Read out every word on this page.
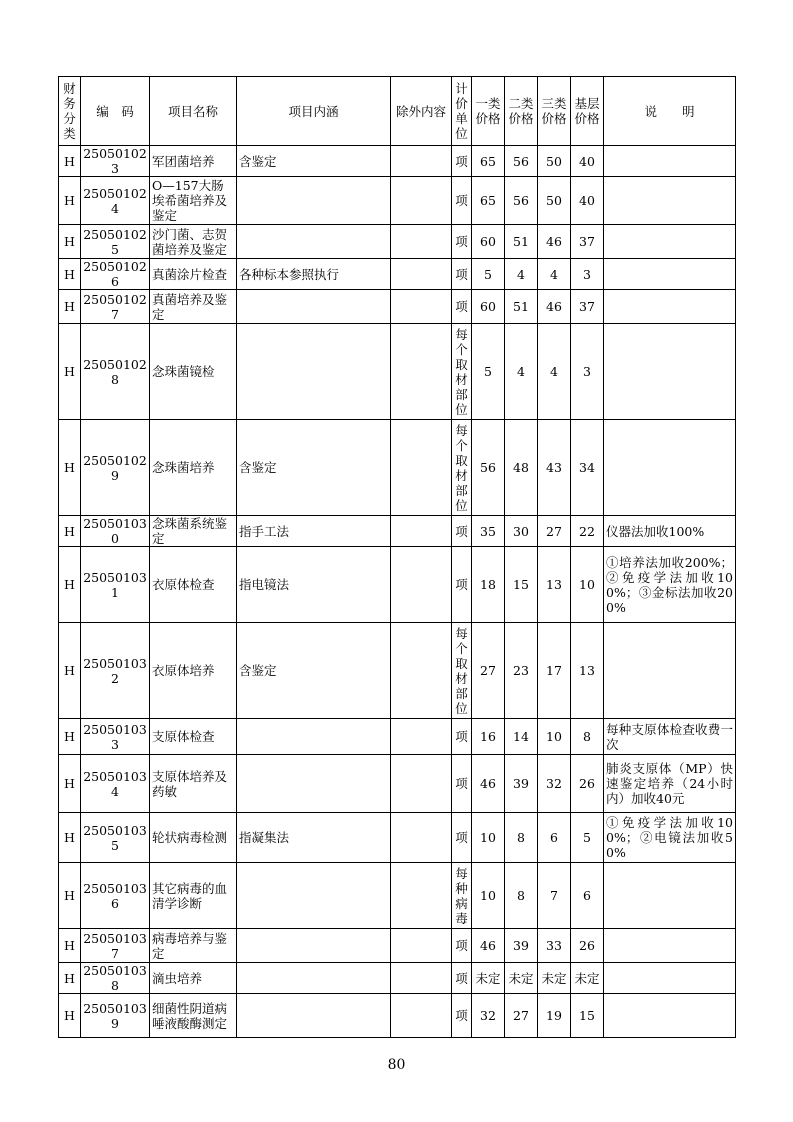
财务分类	编　码	项目名称	项目内涵	除外内容	计价单位	一类价格	二类价格	三类价格	基层价格	说　　明
H	250501023	军团菌培养	含鉴定		项	65	56	50	40	
H	250501024	O—157大肠埃希菌培养及鉴定			项	65	56	50	40	
H	250501025	沙门菌、志贺菌培养及鉴定			项	60	51	46	37	
H	250501026	真菌涂片检查	各种标本参照执行		项	5	4	4	3	
H	250501027	真菌培养及鉴定			项	60	51	46	37	
H	250501028	念珠菌镜检			每个取材部位	5	4	4	3	
H	250501029	念珠菌培养	含鉴定		每个取材部位	56	48	43	34	
H	250501030	念珠菌系统鉴定	指手工法		项	35	30	27	22	仪器法加收100%
H	250501031	衣原体检查	指电镜法		项	18	15	13	10	①培养法加收200%；②免疫学法加收100%；③金标法加收200%
H	250501032	衣原体培养	含鉴定		每个取材部位	27	23	17	13	
H	250501033	支原体检查			项	16	14	10	8	每种支原体检查收费一次
H	250501034	支原体培养及药敏			项	46	39	32	26	肺炎支原体（MP）快速鉴定培养（24小时内）加收40元
H	250501035	轮状病毒检测	指凝集法		项	10	8	6	5	①免疫学法加收100%；②电镜法加收50%
H	250501036	其它病毒的血清学诊断			每种病毒	10	8	7	6	
H	250501037	病毒培养与鉴定			项	46	39	33	26	
H	250501038	滴虫培养			项	未定	未定	未定	未定	
H	250501039	细菌性阴道病唾液酸酶测定			项	32	27	19	15	
80
